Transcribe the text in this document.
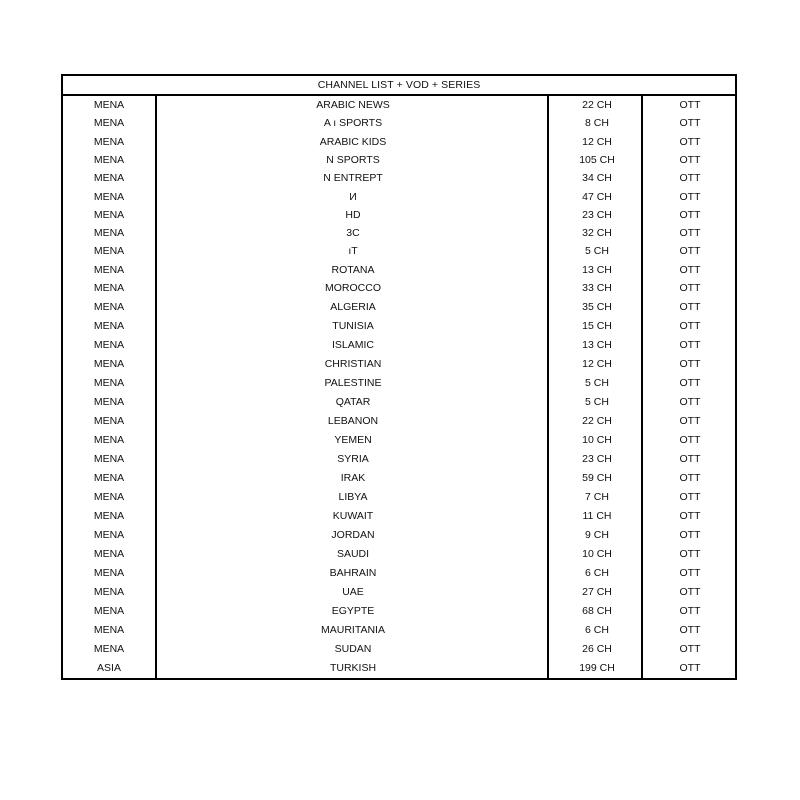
CHANNEL LIST + VOD + SERIES
MENA	ARABIC NEWS	22 CH	OTT
MENA	A ı SPORTS	8 CH	OTT
MENA	ARABIC KIDS	12 CH	OTT
MENA	N SPORTS	105 CH	OTT
MENA	N ENTREPT	34 CH	OTT
MENA	И	47 CH	OTT
MENA	HD	23 CH	OTT
MENA	3C	32 CH	OTT
MENA	ıT	5 CH	OTT
MENA	ROTANA	13 CH	OTT
MENA	MOROCCO	33 CH	OTT
MENA	ALGERIA	35 CH	OTT
MENA	TUNISIA	15 CH	OTT
MENA	ISLAMIC	13 CH	OTT
MENA	CHRISTIAN	12 CH	OTT
MENA	PALESTINE	5 CH	OTT
MENA	QATAR	5 CH	OTT
MENA	LEBANON	22 CH	OTT
MENA	YEMEN	10 CH	OTT
MENA	SYRIA	23 CH	OTT
MENA	IRAK	59 CH	OTT
MENA	LIBYA	7 CH	OTT
MENA	KUWAIT	11 CH	OTT
MENA	JORDAN	9 CH	OTT
MENA	SAUDI	10 CH	OTT
MENA	BAHRAIN	6 CH	OTT
MENA	UAE	27 CH	OTT
MENA	EGYPTE	68 CH	OTT
MENA	MAURITANIA	6 CH	OTT
MENA	SUDAN	26 CH	OTT
ASIA	TURKISH	199 CH	OTT
